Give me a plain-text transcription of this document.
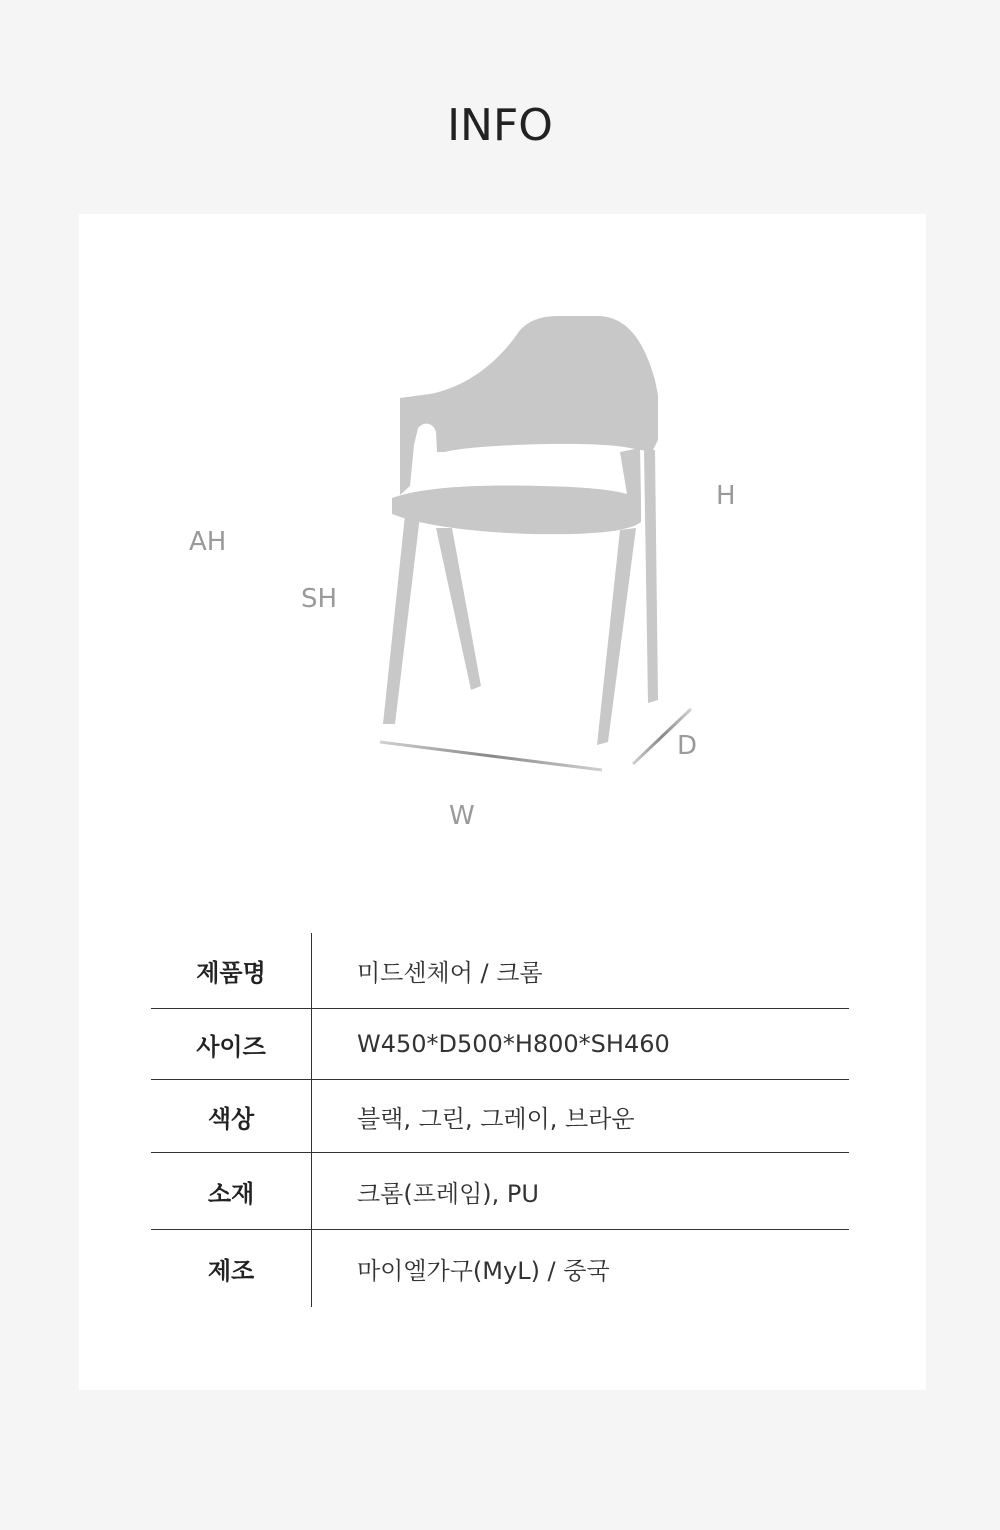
INFO
AH
SH
H
D
W
제품명	미드센체어 / 크롬
사이즈	W450*D500*H800*SH460
색상	블랙, 그린, 그레이, 브라운
소재	크롬(프레임), PU
제조	마이엘가구(MyL) / 중국
